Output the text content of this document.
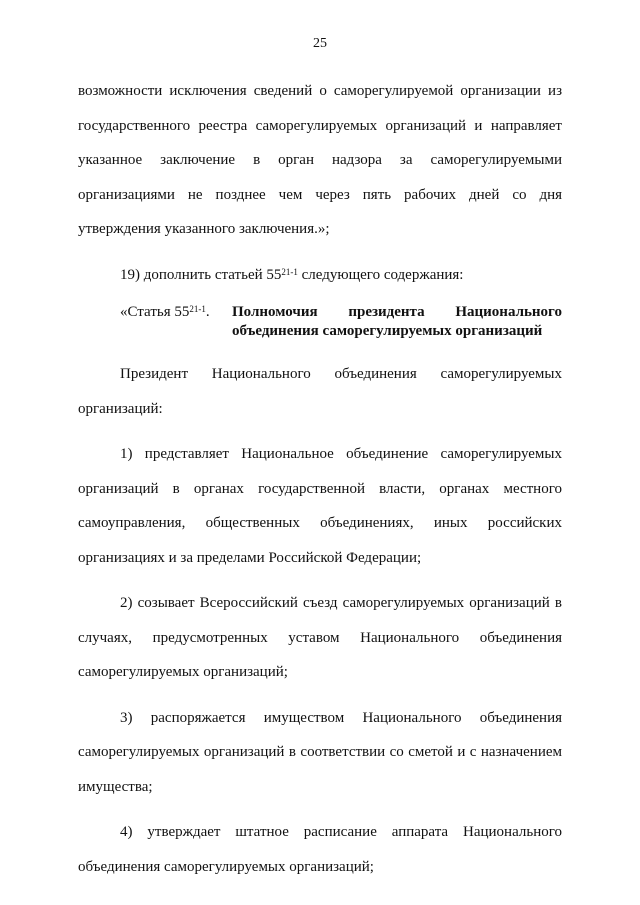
25

возможности исключения сведений о саморегулируемой организации из государственного реестра саморегулируемых организаций и направляет указанное заключение в орган надзора за саморегулируемыми организациями не позднее чем через пять рабочих дней со дня утверждения указанного заключения.»;

19) дополнить статьей 55$^{21-1}$ следующего содержания:

«Статья 55$^{21-1}$.	Полномочия президента Национального объединения саморегулируемых организаций

Президент Национального объединения саморегулируемых организаций:

1) представляет Национальное объединение саморегулируемых организаций в органах государственной власти, органах местного самоуправления, общественных объединениях, иных российских организациях и за пределами Российской Федерации;

2) созывает Всероссийский съезд саморегулируемых организаций в случаях, предусмотренных уставом Национального объединения саморегулируемых организаций;

3) распоряжается имуществом Национального объединения саморегулируемых организаций в соответствии со сметой и с назначением имущества;

4) утверждает штатное расписание аппарата Национального объединения саморегулируемых организаций;
